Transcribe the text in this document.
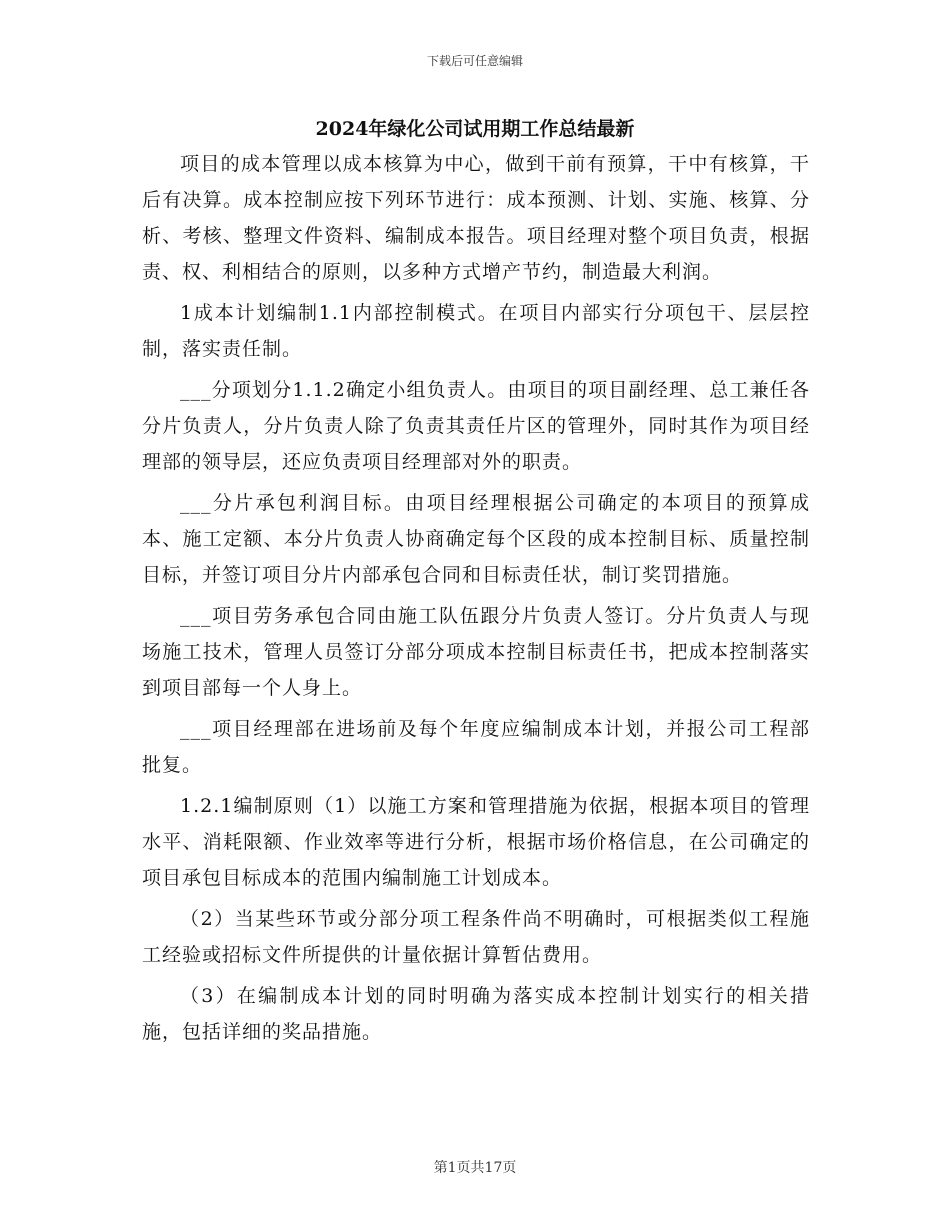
下载后可任意编辑
2024年绿化公司试用期工作总结最新

项目的成本管理以成本核算为中心，做到干前有预算，干中有核算，干后有决算。成本控制应按下列环节进行：成本预测、计划、实施、核算、分析、考核、整理文件资料、编制成本报告。项目经理对整个项目负责，根据责、权、利相结合的原则，以多种方式增产节约，制造最大利润。

1成本计划编制1.1内部控制模式。在项目内部实行分项包干、层层控制，落实责任制。

___分项划分1.1.2确定小组负责人。由项目的项目副经理、总工兼任各分片负责人，分片负责人除了负责其责任片区的管理外，同时其作为项目经理部的领导层，还应负责项目经理部对外的职责。

___分片承包利润目标。由项目经理根据公司确定的本项目的预算成本、施工定额、本分片负责人协商确定每个区段的成本控制目标、质量控制目标，并签订项目分片内部承包合同和目标责任状，制订奖罚措施。

___项目劳务承包合同由施工队伍跟分片负责人签订。分片负责人与现场施工技术，管理人员签订分部分项成本控制目标责任书，把成本控制落实到项目部每一个人身上。

___项目经理部在进场前及每个年度应编制成本计划，并报公司工程部批复。

1.2.1编制原则（1）以施工方案和管理措施为依据，根据本项目的管理水平、消耗限额、作业效率等进行分析，根据市场价格信息，在公司确定的项目承包目标成本的范围内编制施工计划成本。

（2）当某些环节或分部分项工程条件尚不明确时，可根据类似工程施工经验或招标文件所提供的计量依据计算暂估费用。

（3）在编制成本计划的同时明确为落实成本控制计划实行的相关措施，包括详细的奖品措施。

第1页共17页
